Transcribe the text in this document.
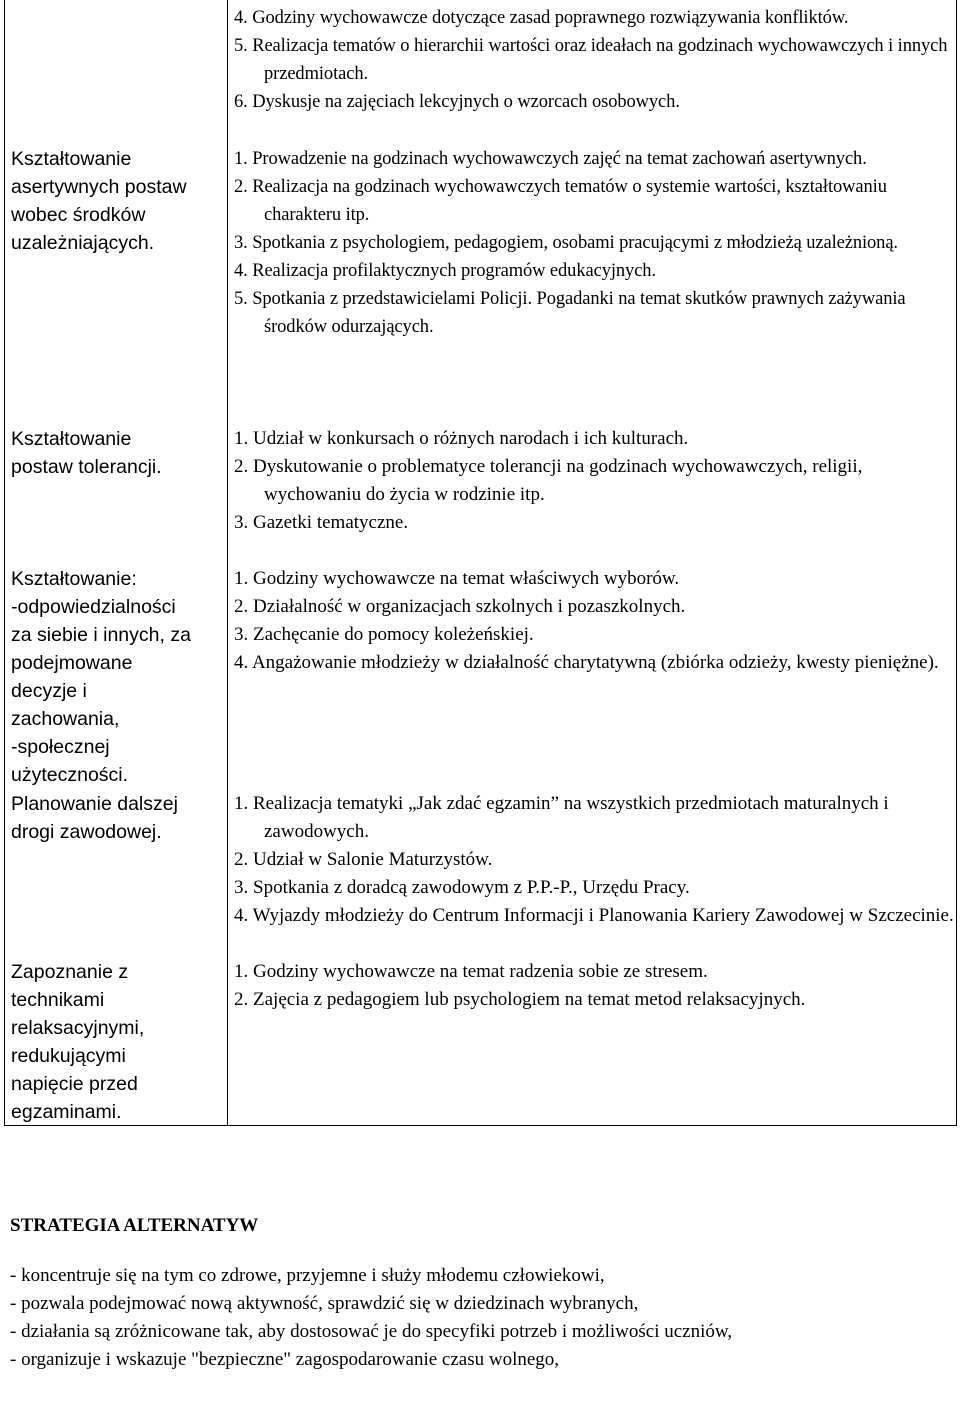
4. Godziny wychowawcze dotyczące zasad poprawnego rozwiązywania konfliktów.
5. Realizacja tematów o hierarchii wartości oraz ideałach na godzinach wychowawczych i innych przedmiotach.
6. Dyskusje na zajęciach lekcyjnych o wzorcach osobowych.
Kształtowanie
asertywnych postaw
wobec środków
uzależniających.
1. Prowadzenie na godzinach wychowawczych zajęć na temat zachowań asertywnych.
2. Realizacja na godzinach wychowawczych tematów o systemie wartości, kształtowaniu charakteru itp.
3. Spotkania z psychologiem, pedagogiem, osobami pracującymi z młodzieżą uzależnioną.
4. Realizacja profilaktycznych programów edukacyjnych.
5. Spotkania z przedstawicielami Policji. Pogadanki na temat skutków prawnych zażywania środków odurzających.
Kształtowanie
postaw tolerancji.
1. Udział w konkursach o różnych narodach i ich kulturach.
2. Dyskutowanie o problematyce tolerancji na godzinach wychowawczych, religii, wychowaniu do życia w rodzinie itp.
3. Gazetki tematyczne.
Kształtowanie:
-odpowiedzialności
za siebie i innych, za
podejmowane
decyzje i
zachowania,
-społecznej
użyteczności.
1. Godziny wychowawcze na temat właściwych wyborów.
2. Działalność w organizacjach szkolnych i pozaszkolnych.
3. Zachęcanie do pomocy koleżeńskiej.
4. Angażowanie młodzieży w działalność charytatywną (zbiórka odzieży, kwesty pieniężne).
Planowanie dalszej
drogi zawodowej.
1. Realizacja tematyki „Jak zdać egzamin” na wszystkich przedmiotach maturalnych i zawodowych.
2. Udział w Salonie Maturzystów.
3. Spotkania z doradcą zawodowym z P.P.-P., Urzędu Pracy.
4. Wyjazdy młodzieży do Centrum Informacji i Planowania Kariery Zawodowej w Szczecinie.
Zapoznanie z
technikami
relaksacyjnymi,
redukującymi
napięcie przed
egzaminami.
1. Godziny wychowawcze na temat radzenia sobie ze stresem.
2. Zajęcia z pedagogiem lub psychologiem na temat metod relaksacyjnych.
STRATEGIA ALTERNATYW
- koncentruje się na tym co zdrowe, przyjemne i służy młodemu człowiekowi,
- pozwala podejmować nową aktywność, sprawdzić się w dziedzinach wybranych,
- działania są zróżnicowane tak, aby dostosować je do specyfiki potrzeb i możliwości uczniów,
- organizuje i wskazuje "bezpieczne" zagospodarowanie czasu wolnego,
